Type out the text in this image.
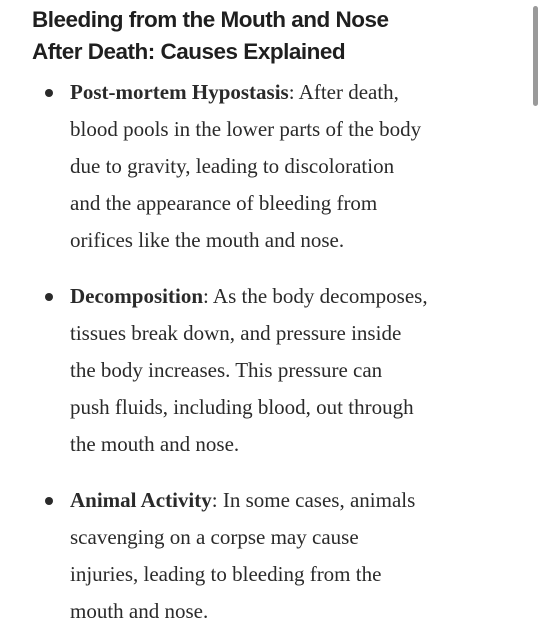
Bleeding from the Mouth and Nose
After Death: Causes Explained
Post-mortem Hypostasis: After death,
blood pools in the lower parts of the body
due to gravity, leading to discoloration
and the appearance of bleeding from
orifices like the mouth and nose.
Decomposition: As the body decomposes,
tissues break down, and pressure inside
the body increases. This pressure can
push fluids, including blood, out through
the mouth and nose.
Animal Activity: In some cases, animals
scavenging on a corpse may cause
injuries, leading to bleeding from the
mouth and nose.
